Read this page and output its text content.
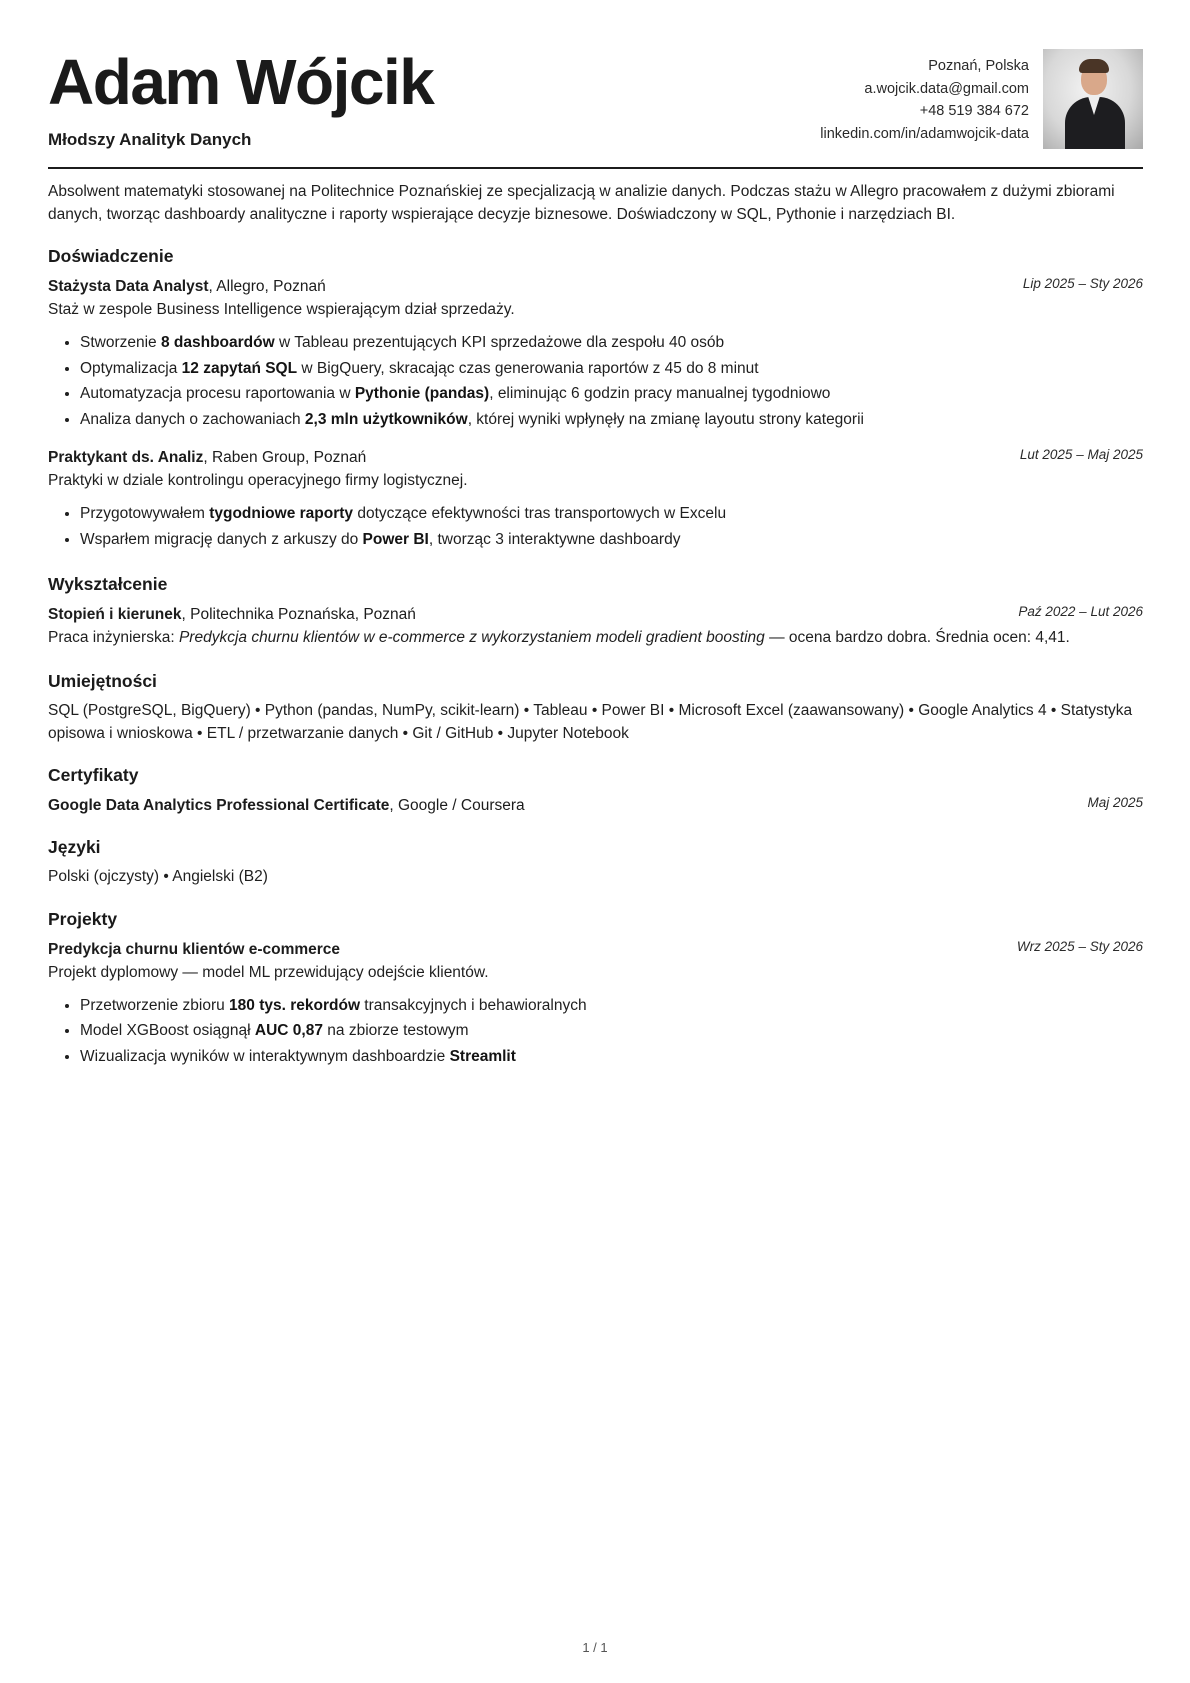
Adam Wójcik
Młodszy Analityk Danych
Poznań, Polska
a.wojcik.data@gmail.com
+48 519 384 672
linkedin.com/in/adamwojcik-data
Absolwent matematyki stosowanej na Politechnice Poznańskiej ze specjalizacją w analizie danych. Podczas stażu w Allegro pracowałem z dużymi zbiorami danych, tworząc dashboardy analityczne i raporty wspierające decyzje biznesowe. Doświadczony w SQL, Pythonie i narzędziach BI.
Doświadczenie
Stażysta Data Analyst, Allegro, Poznań	Lip 2025 – Sty 2026
Staż w zespole Business Intelligence wspierającym dział sprzedaży.
• Stworzenie 8 dashboardów w Tableau prezentujących KPI sprzedażowe dla zespołu 40 osób
• Optymalizacja 12 zapytań SQL w BigQuery, skracając czas generowania raportów z 45 do 8 minut
• Automatyzacja procesu raportowania w Pythonie (pandas), eliminując 6 godzin pracy manualnej tygodniowo
• Analiza danych o zachowaniach 2,3 mln użytkowników, której wyniki wpłynęły na zmianę layoutu strony kategorii
Praktykant ds. Analiz, Raben Group, Poznań	Lut 2025 – Maj 2025
Praktyki w dziale kontrolingu operacyjnego firmy logistycznej.
• Przygotowywałem tygodniowe raporty dotyczące efektywności tras transportowych w Excelu
• Wsparłem migrację danych z arkuszy do Power BI, tworząc 3 interaktywne dashboardy
Wykształcenie
Stopień i kierunek, Politechnika Poznańska, Poznań	Paź 2022 – Lut 2026
Praca inżynierska: Predykcja churnu klientów w e-commerce z wykorzystaniem modeli gradient boosting — ocena bardzo dobra. Średnia ocen: 4,41.
Umiejętności
SQL (PostgreSQL, BigQuery) • Python (pandas, NumPy, scikit-learn) • Tableau • Power BI • Microsoft Excel (zaawansowany) • Google Analytics 4 • Statystyka opisowa i wnioskowa • ETL / przetwarzanie danych • Git / GitHub • Jupyter Notebook
Certyfikaty
Google Data Analytics Professional Certificate, Google / Coursera	Maj 2025
Języki
Polski (ojczysty) • Angielski (B2)
Projekty
Predykcja churnu klientów e-commerce	Wrz 2025 – Sty 2026
Projekt dyplomowy — model ML przewidujący odejście klientów.
• Przetworzenie zbioru 180 tys. rekordów transakcyjnych i behawioralnych
• Model XGBoost osiągnął AUC 0,87 na zbiorze testowym
• Wizualizacja wyników w interaktywnym dashboardzie Streamlit
1 / 1
